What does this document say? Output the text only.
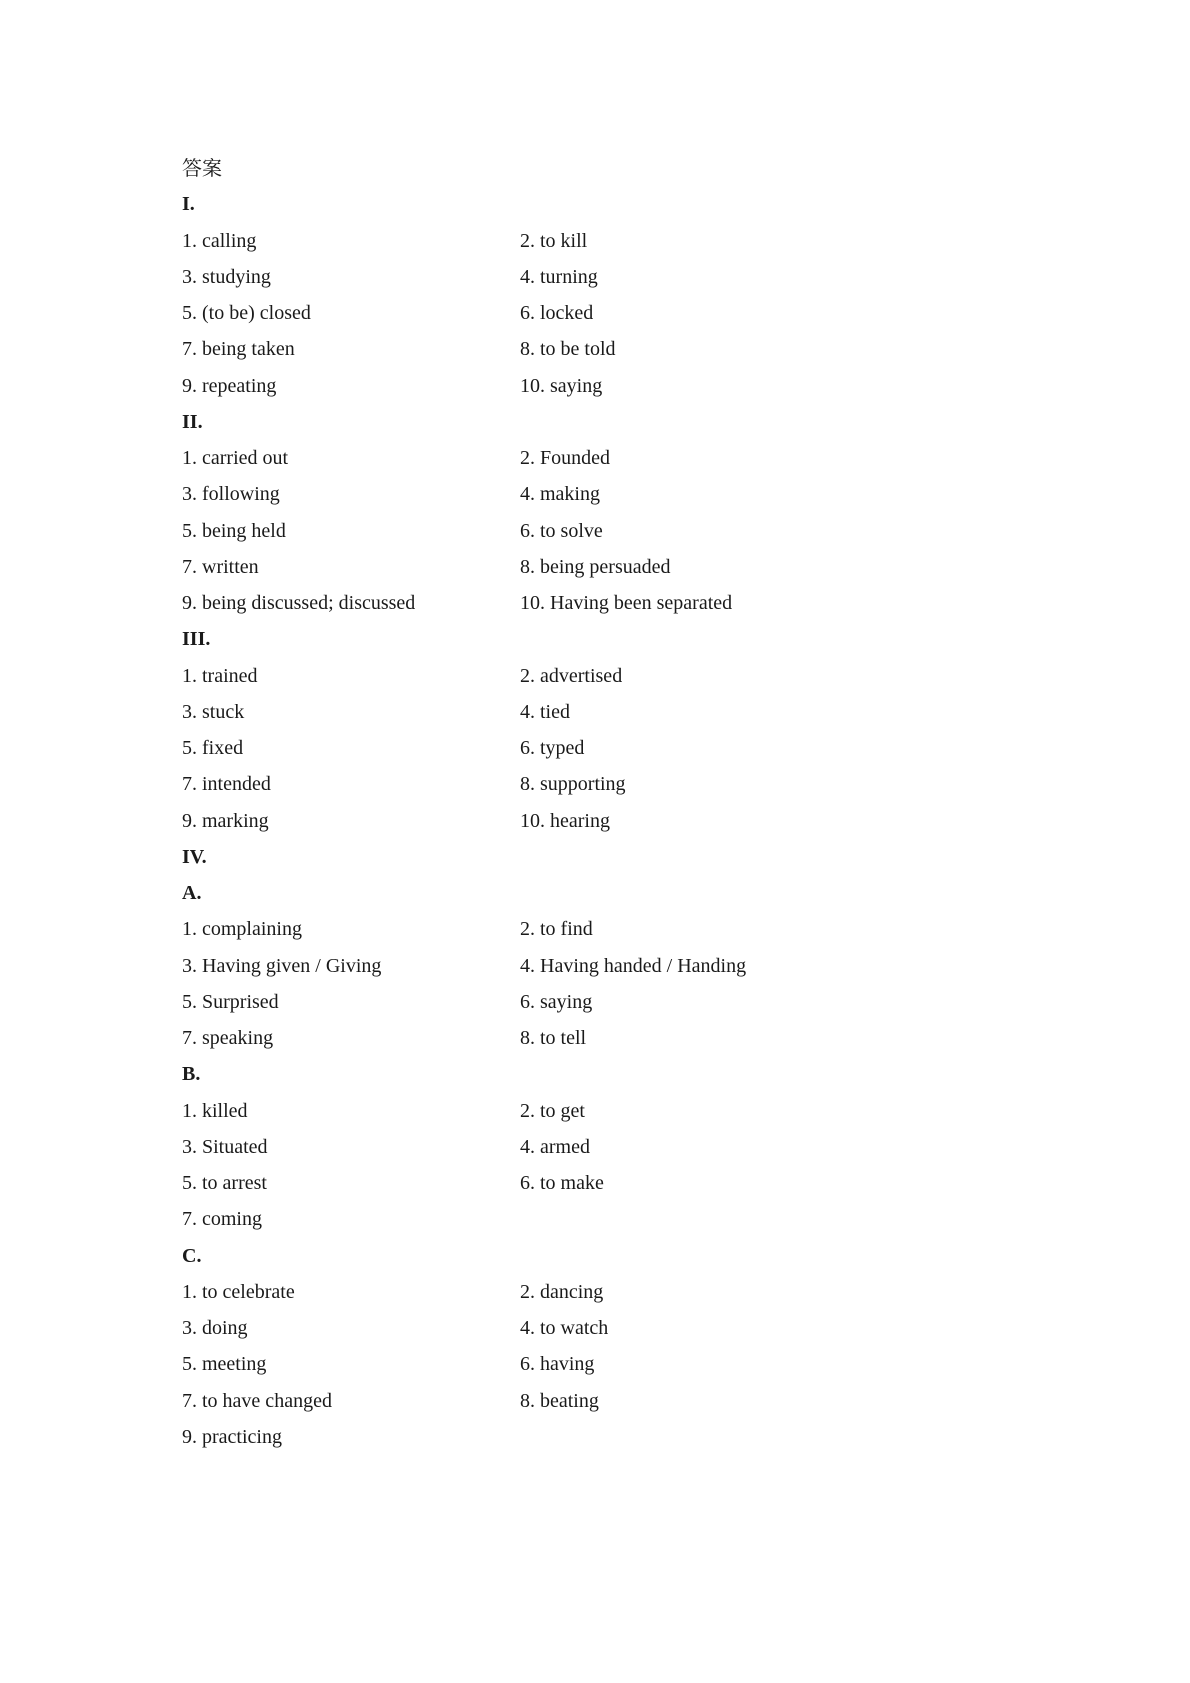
答案
I.
1. calling	2. to kill
3. studying	4. turning
5. (to be) closed	6. locked
7. being taken	8. to be told
9. repeating	10. saying
II.
1. carried out	2. Founded
3. following	4. making
5. being held	6. to solve
7. written	8. being persuaded
9. being discussed; discussed	10. Having been separated
III.
1. trained	2. advertised
3. stuck	4. tied
5. fixed	6. typed
7. intended	8. supporting
9. marking	10. hearing
IV.
A.
1. complaining	2. to find
3. Having given / Giving	4. Having handed / Handing
5. Surprised	6. saying
7. speaking	8. to tell
B.
1. killed	2. to get
3. Situated	4. armed
5. to arrest	6. to make
7. coming
C.
1. to celebrate	2. dancing
3. doing	4. to watch
5. meeting	6. having
7. to have changed	8. beating
9. practicing
